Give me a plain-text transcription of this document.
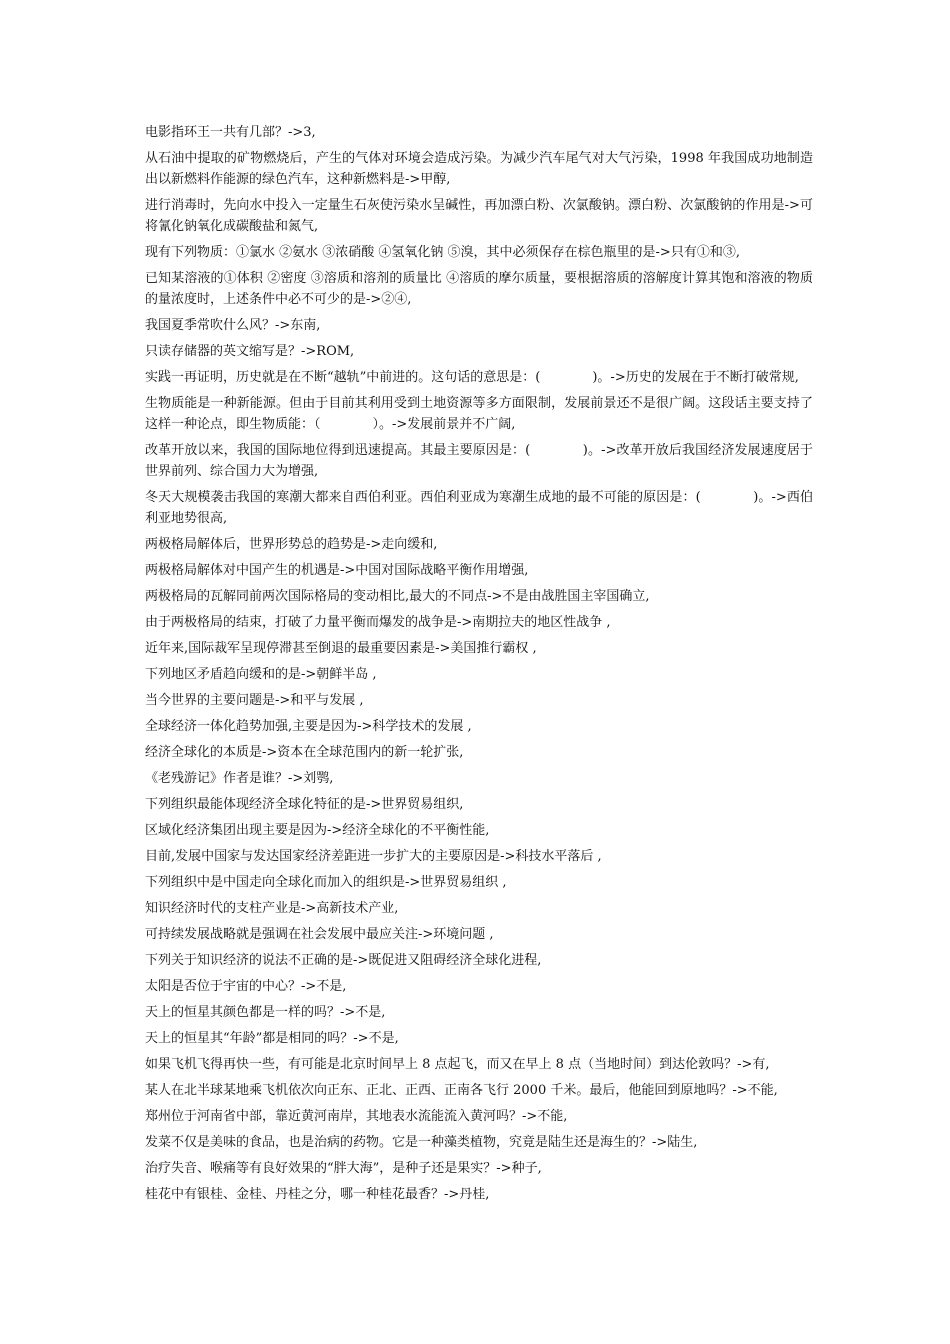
电影指环王一共有几部？->3,

从石油中提取的矿物燃烧后，产生的气体对环境会造成污染。为减少汽车尾气对大气污染，1998 年我国成功地制造出以新燃料作能源的绿色汽车，这种新燃料是->甲醇,

进行消毒时，先向水中投入一定量生石灰使污染水呈碱性，再加漂白粉、次氯酸钠。漂白粉、次氯酸钠的作用是->可将氰化钠氧化成碳酸盐和氮气,

现有下列物质：①氯水 ②氨水 ③浓硝酸 ④氢氧化钠 ⑤溴，其中必须保存在棕色瓶里的是->只有①和③,

已知某溶液的①体积 ②密度 ③溶质和溶剂的质量比 ④溶质的摩尔质量，要根据溶质的溶解度计算其饱和溶液的物质的量浓度时，上述条件中必不可少的是->②④,

我国夏季常吹什么风？->东南,

只读存储器的英文缩写是？->ROM,

实践一再证明，历史就是在不断“越轨”中前进的。这句话的意思是：(　　　　)。->历史的发展在于不断打破常规,

生物质能是一种新能源。但由于目前其利用受到土地资源等多方面限制，发展前景还不是很广阔。这段话主要支持了这样一种论点，即生物质能：（　　　　）。->发展前景并不广阔,

改革开放以来，我国的国际地位得到迅速提高。其最主要原因是：(　　　　)。->改革开放后我国经济发展速度居于世界前列、综合国力大为增强,

冬天大规模袭击我国的寒潮大都来自西伯利亚。西伯利亚成为寒潮生成地的最不可能的原因是：(　　　　)。->西伯利亚地势很高,

两极格局解体后，世界形势总的趋势是->走向缓和,

两极格局解体对中国产生的机遇是->中国对国际战略平衡作用增强,

两极格局的瓦解同前两次国际格局的变动相比,最大的不同点->不是由战胜国主宰国确立,

由于两极格局的结束，打破了力量平衡而爆发的战争是->南期拉夫的地区性战争 ,

近年来,国际裁军呈现停滞甚至倒退的最重要因素是->美国推行霸权 ,

下列地区矛盾趋向缓和的是->朝鲜半岛 ,

当今世界的主要问题是->和平与发展 ,

全球经济一体化趋势加强,主要是因为->科学技术的发展 ,

经济全球化的本质是->资本在全球范围内的新一轮扩张,

《老残游记》作者是谁？->刘鹗,

下列组织最能体现经济全球化特征的是->世界贸易组织,

区域化经济集团出现主要是因为->经济全球化的不平衡性能,

目前,发展中国家与发达国家经济差距进一步扩大的主要原因是->科技水平落后 ,

下列组织中是中国走向全球化而加入的组织是->世界贸易组织 ,

知识经济时代的支柱产业是->高新技术产业,

可持续发展战略就是强调在社会发展中最应关注->环境问题 ,

下列关于知识经济的说法不正确的是->既促进又阻碍经济全球化进程,

太阳是否位于宇宙的中心？->不是,

天上的恒星其颜色都是一样的吗？->不是,

天上的恒星其“年龄”都是相同的吗？->不是,

如果飞机飞得再快一些，有可能是北京时间早上 8 点起飞，而又在早上 8 点（当地时间）到达伦敦吗？->有,

某人在北半球某地乘飞机依次向正东、正北、正西、正南各飞行 2000 千米。最后，他能回到原地吗？->不能,

郑州位于河南省中部，靠近黄河南岸，其地表水流能流入黄河吗？->不能,

发菜不仅是美味的食品，也是治病的药物。它是一种藻类植物，究竟是陆生还是海生的？->陆生,

治疗失音、喉痛等有良好效果的“胖大海”，是种子还是果实？->种子,

桂花中有银桂、金桂、丹桂之分，哪一种桂花最香？->丹桂,
